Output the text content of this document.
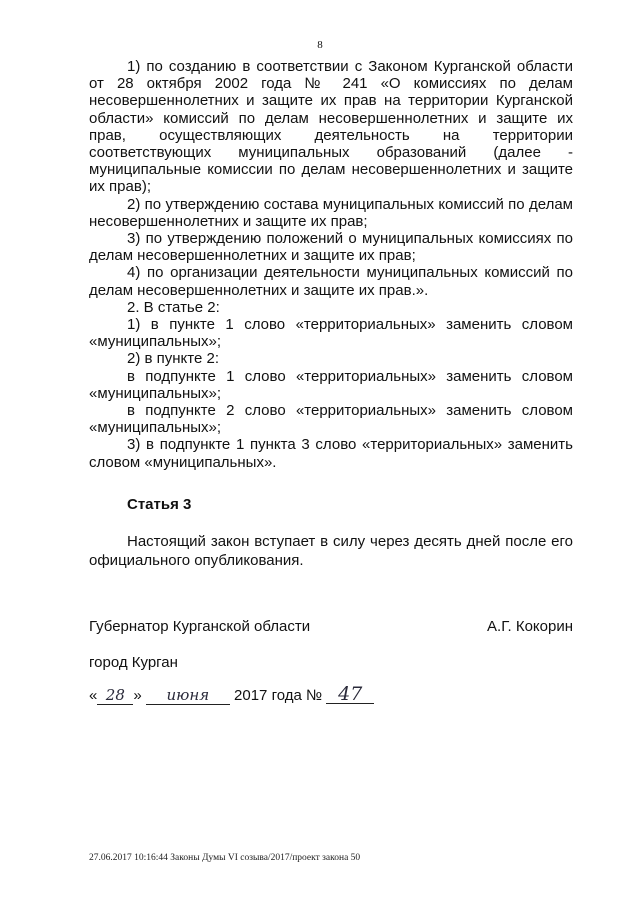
8

1) по созданию в соответствии с Законом Курганской области от 28 октября 2002 года № 241 «О комиссиях по делам несовершеннолетних и защите их прав на территории Курганской области» комиссий по делам несовершеннолетних и защите их прав, осуществляющих деятельность на территории соответствующих муниципальных образований (далее - муниципальные комиссии по делам несовершеннолетних и защите их прав);

2) по утверждению состава муниципальных комиссий по делам несовершеннолетних и защите их прав;

3) по утверждению положений о муниципальных комиссиях по делам несовершеннолетних и защите их прав;

4) по организации деятельности муниципальных комиссий по делам несовершеннолетних и защите их прав.».

2. В статье 2:

1) в пункте 1 слово «территориальных» заменить словом «муниципальных»;

2) в пункте 2:

в подпункте 1 слово «территориальных» заменить словом «муниципальных»;

в подпункте 2 слово «территориальных» заменить словом «муниципальных»;

3) в подпункте 1 пункта 3 слово «территориальных» заменить словом «муниципальных».

Статья 3

Настоящий закон вступает в силу через десять дней после его официального опубликования.

Губернатор Курганской области	А.Г. Кокорин
город Курган
« 28 » июня 2017 года № 47
27.06.2017 10:16:44 Законы Думы VI созыва/2017/проект закона 50
